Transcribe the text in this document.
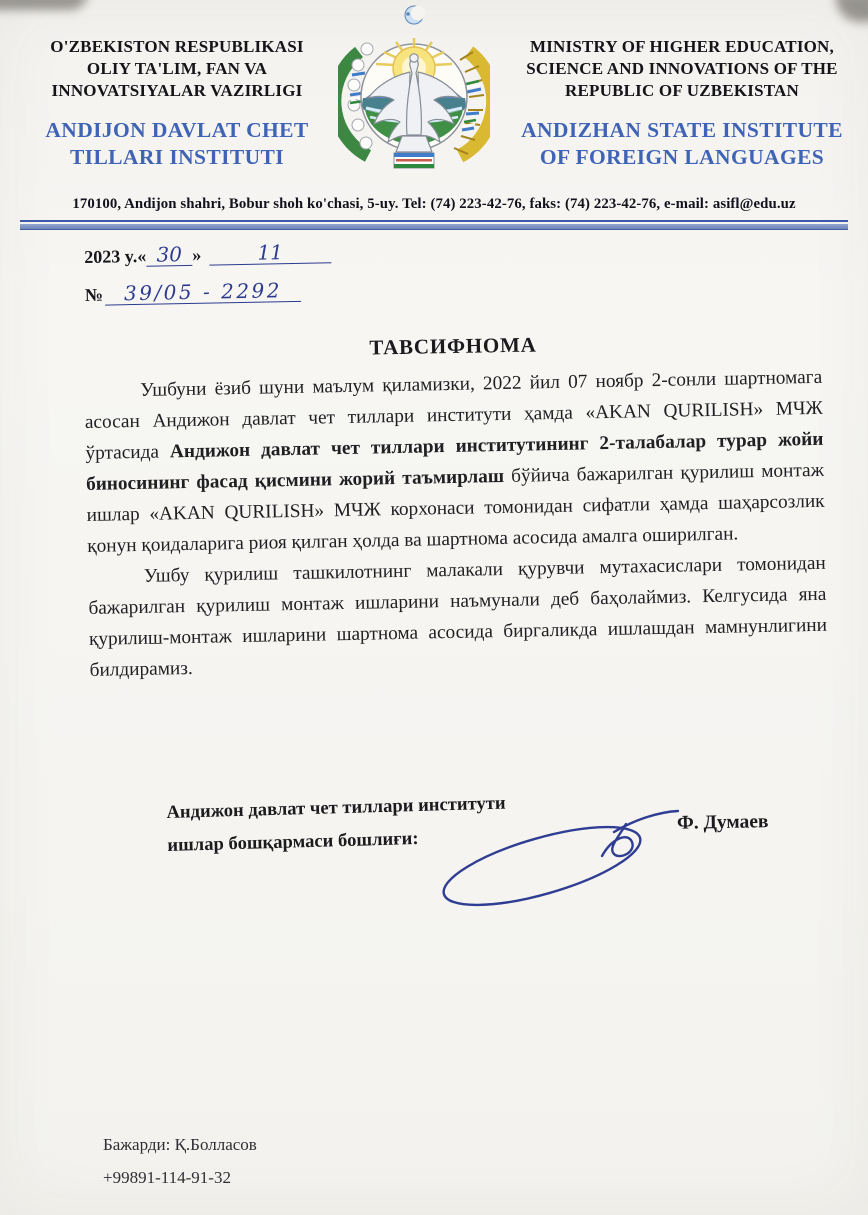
O'ZBEKISTON RESPUBLIKASI
OLIY TA'LIM, FAN VA
INNOVATSIYALAR VAZIRLIGI
ANDIJON DAVLAT CHET
TILLARI INSTITUTI
MINISTRY OF HIGHER EDUCATION,
SCIENCE AND INNOVATIONS OF THE
REPUBLIC OF UZBEKISTAN
ANDIZHAN STATE INSTITUTE
OF FOREIGN LANGUAGES
170100, Andijon shahri, Bobur shoh ko'chasi, 5-uy. Tel: (74) 223-42-76, faks: (74) 223-42-76, e-mail: asifl@edu.uz
2023 y.« 30 »	11
№ 39/05 - 2292
ТАВСИФНОМА

Ушбуни ёзиб шуни маълум қиламизки, 2022 йил 07 ноябр 2-сонли шартномага асосан Андижон давлат чет тиллари институти ҳамда «AKAN QURILISH» МЧЖ ўртасида Андижон давлат чет тиллари институтининг 2-талабалар турар жойи биносининг фасад қисмини жорий таъмирлаш бўйича бажарилган қурилиш монтаж ишлар «AKAN QURILISH» МЧЖ корхонаси томонидан сифатли ҳамда шаҳарсозлик қонун қоидаларига риоя қилган ҳолда ва шартнома асосида амалга оширилган.

Ушбу қурилиш ташкилотнинг малакали қурувчи мутахасислари томонидан бажарилган қурилиш монтаж ишларини наъмунали деб баҳолаймиз. Келгусида яна қурилиш-монтаж ишларини шартнома асосида биргаликда ишлашдан мамнунлигини билдирамиз.

Андижон давлат чет тиллари институти
ишлар бошқармаси бошлиғи:
Ф. Думаев
Бажарди: Қ.Болласов
+99891-114-91-32
